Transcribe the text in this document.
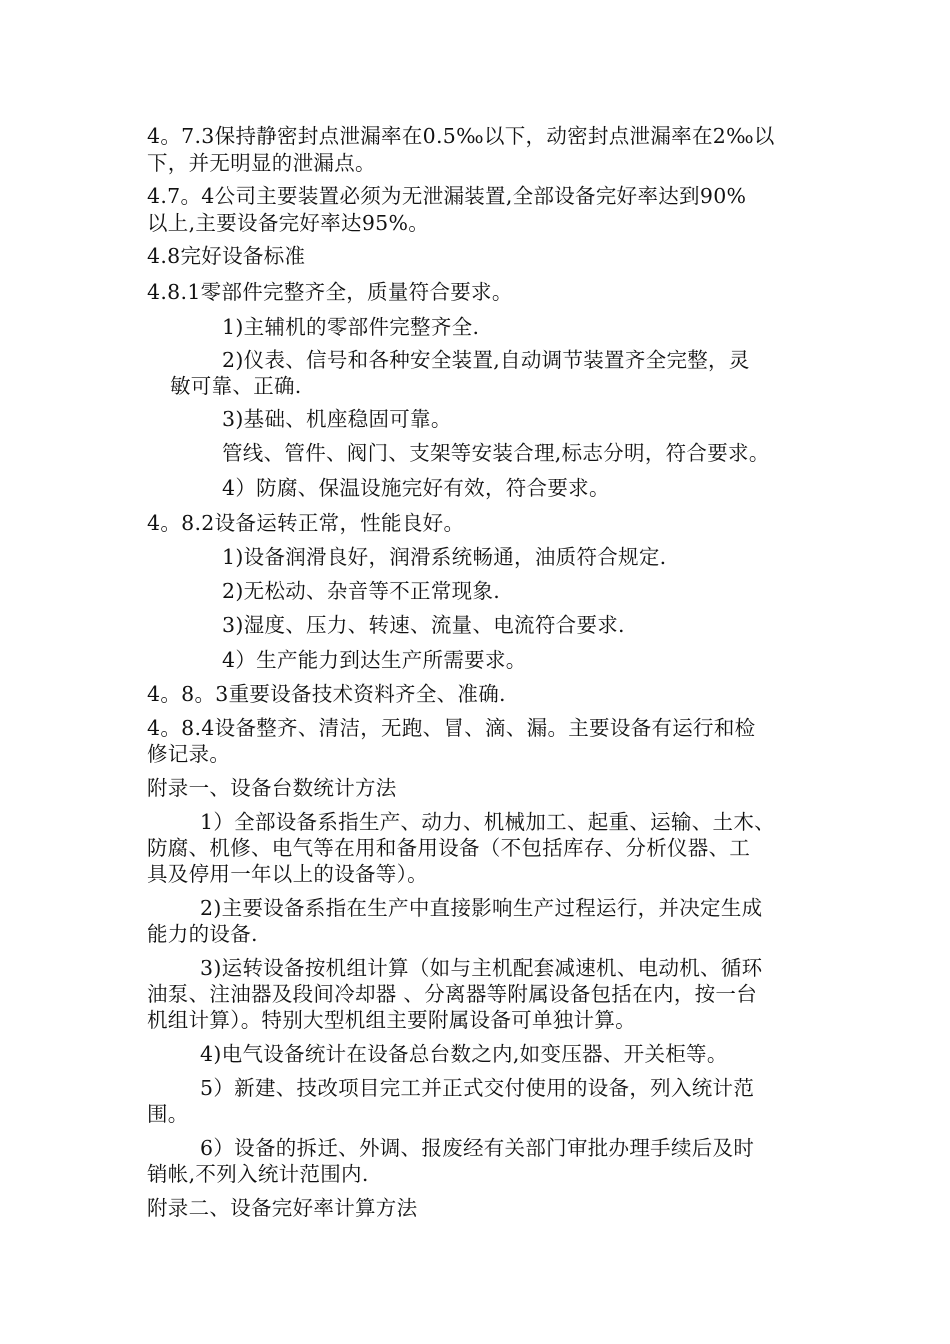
4。7.3保持静密封点泄漏率在0.5‰以下，动密封点泄漏率在2‰以

下，并无明显的泄漏点。

4.7。4公司主要装置必须为无泄漏装置,全部设备完好率达到90%

以上,主要设备完好率达95%。

4.8完好设备标准

4.8.1零部件完整齐全，质量符合要求。

1)主辅机的零部件完整齐全.

2)仪表、信号和各种安全装置,自动调节装置齐全完整，灵

敏可靠、正确.

3)基础、机座稳固可靠。

管线、管件、阀门、支架等安装合理,标志分明，符合要求。

4）防腐、保温设施完好有效，符合要求。

4。8.2设备运转正常，性能良好。

1)设备润滑良好，润滑系统畅通，油质符合规定.

2)无松动、杂音等不正常现象.

3)湿度、压力、转速、流量、电流符合要求.

4）生产能力到达生产所需要求。

4。8。3重要设备技术资料齐全、准确.

4。8.4设备整齐、清洁，无跑、冒、滴、漏。主要设备有运行和检

修记录。

附录一、设备台数统计方法

1）全部设备系指生产、动力、机械加工、起重、运输、土木、

防腐、机修、电气等在用和备用设备（不包括库存、分析仪器、工

具及停用一年以上的设备等）。

2)主要设备系指在生产中直接影响生产过程运行，并决定生成

能力的设备.

3)运转设备按机组计算（如与主机配套减速机、电动机、循环

油泵、注油器及段间冷却器 、分离器等附属设备包括在内，按一台

机组计算）。特别大型机组主要附属设备可单独计算。

4)电气设备统计在设备总台数之内,如变压器、开关柜等。

5）新建、技改项目完工并正式交付使用的设备，列入统计范

围。

6）设备的拆迁、外调、报废经有关部门审批办理手续后及时

销帐,不列入统计范围内.

附录二、设备完好率计算方法
